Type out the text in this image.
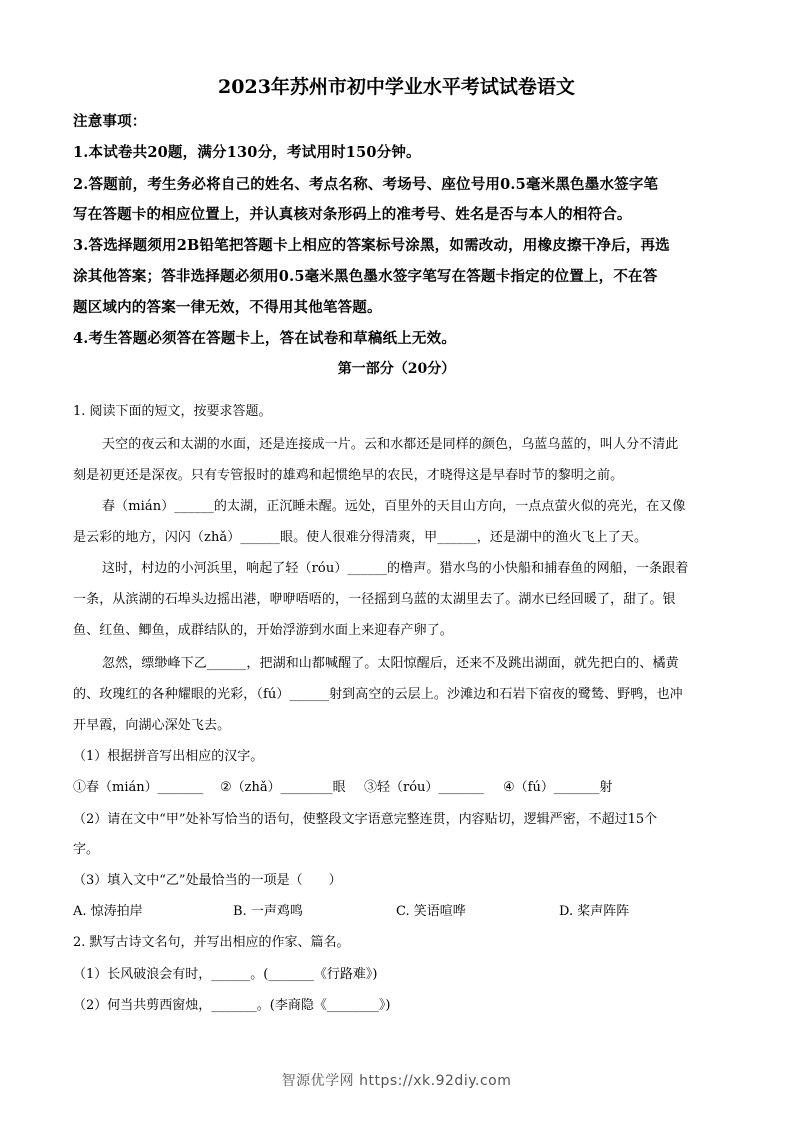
2023年苏州市初中学业水平考试试卷语文
注意事项：
1.本试卷共20题，满分130分，考试用时150分钟。
2.答题前，考生务必将自己的姓名、考点名称、考场号、座位号用0.5毫米黑色墨水签字笔
写在答题卡的相应位置上，并认真核对条形码上的准考号、姓名是否与本人的相符合。
3.答选择题须用2B铅笔把答题卡上相应的答案标号涂黑，如需改动，用橡皮擦干净后，再选
涂其他答案；答非选择题必须用0.5毫米黑色墨水签字笔写在答题卡指定的位置上，不在答
题区域内的答案一律无效，不得用其他笔答题。
4.考生答题必须答在答题卡上，答在试卷和草稿纸上无效。
第一部分（20分）
1. 阅读下面的短文，按要求答题。
天空的夜云和太湖的水面，还是连接成一片。云和水都还是同样的颜色，乌蓝乌蓝的，叫人分不清此
刻是初更还是深夜。只有专管报时的雄鸡和起惯绝早的农民，才晓得这是早春时节的黎明之前。
春（mián）______的太湖，正沉睡未醒。远处，百里外的天目山方向，一点点萤火似的亮光，在又像
是云彩的地方，闪闪（zhǎ）______眼。使人很难分得清爽，甲______，还是湖中的渔火飞上了天。
这时，村边的小河浜里，响起了轻（róu）______的橹声。猎水鸟的小快船和捕春鱼的网船，一条跟着
一条，从滨湖的石埠头边摇出港，咿咿唔唔的，一径摇到乌蓝的太湖里去了。湖水已经回暖了，甜了。银
鱼、红鱼、鲫鱼，成群结队的，开始浮游到水面上来迎春产卵了。
忽然，缥缈峰下乙______，把湖和山都喊醒了。太阳惊醒后，还来不及跳出湖面，就先把白的、橘黄
的、玫瑰红的各种耀眼的光彩，（fú）______射到高空的云层上。沙滩边和石岩下宿夜的鹭鸶、野鸭，也冲
开早霞，向湖心深处飞去。
（1）根据拼音写出相应的汉字。
①春（mián）_______ ②（zhǎ）________眼 ③轻（róu）_______ ④（fú）_______射
（2）请在文中“甲”处补写恰当的语句，使整段文字语意完整连贯，内容贴切，逻辑严密，不超过15个
字。
（3）填入文中“乙”处最恰当的一项是（　　）
A. 惊涛拍岸	B. 一声鸡鸣	C. 笑语喧哗	D. 桨声阵阵
2. 默写古诗文名句，并写出相应的作家、篇名。
（1）长风破浪会有时，______。(_______《行路难》)
（2）何当共剪西窗烛，_______。(李商隐《________》)
智源优学网 https://xk.92diy.com
